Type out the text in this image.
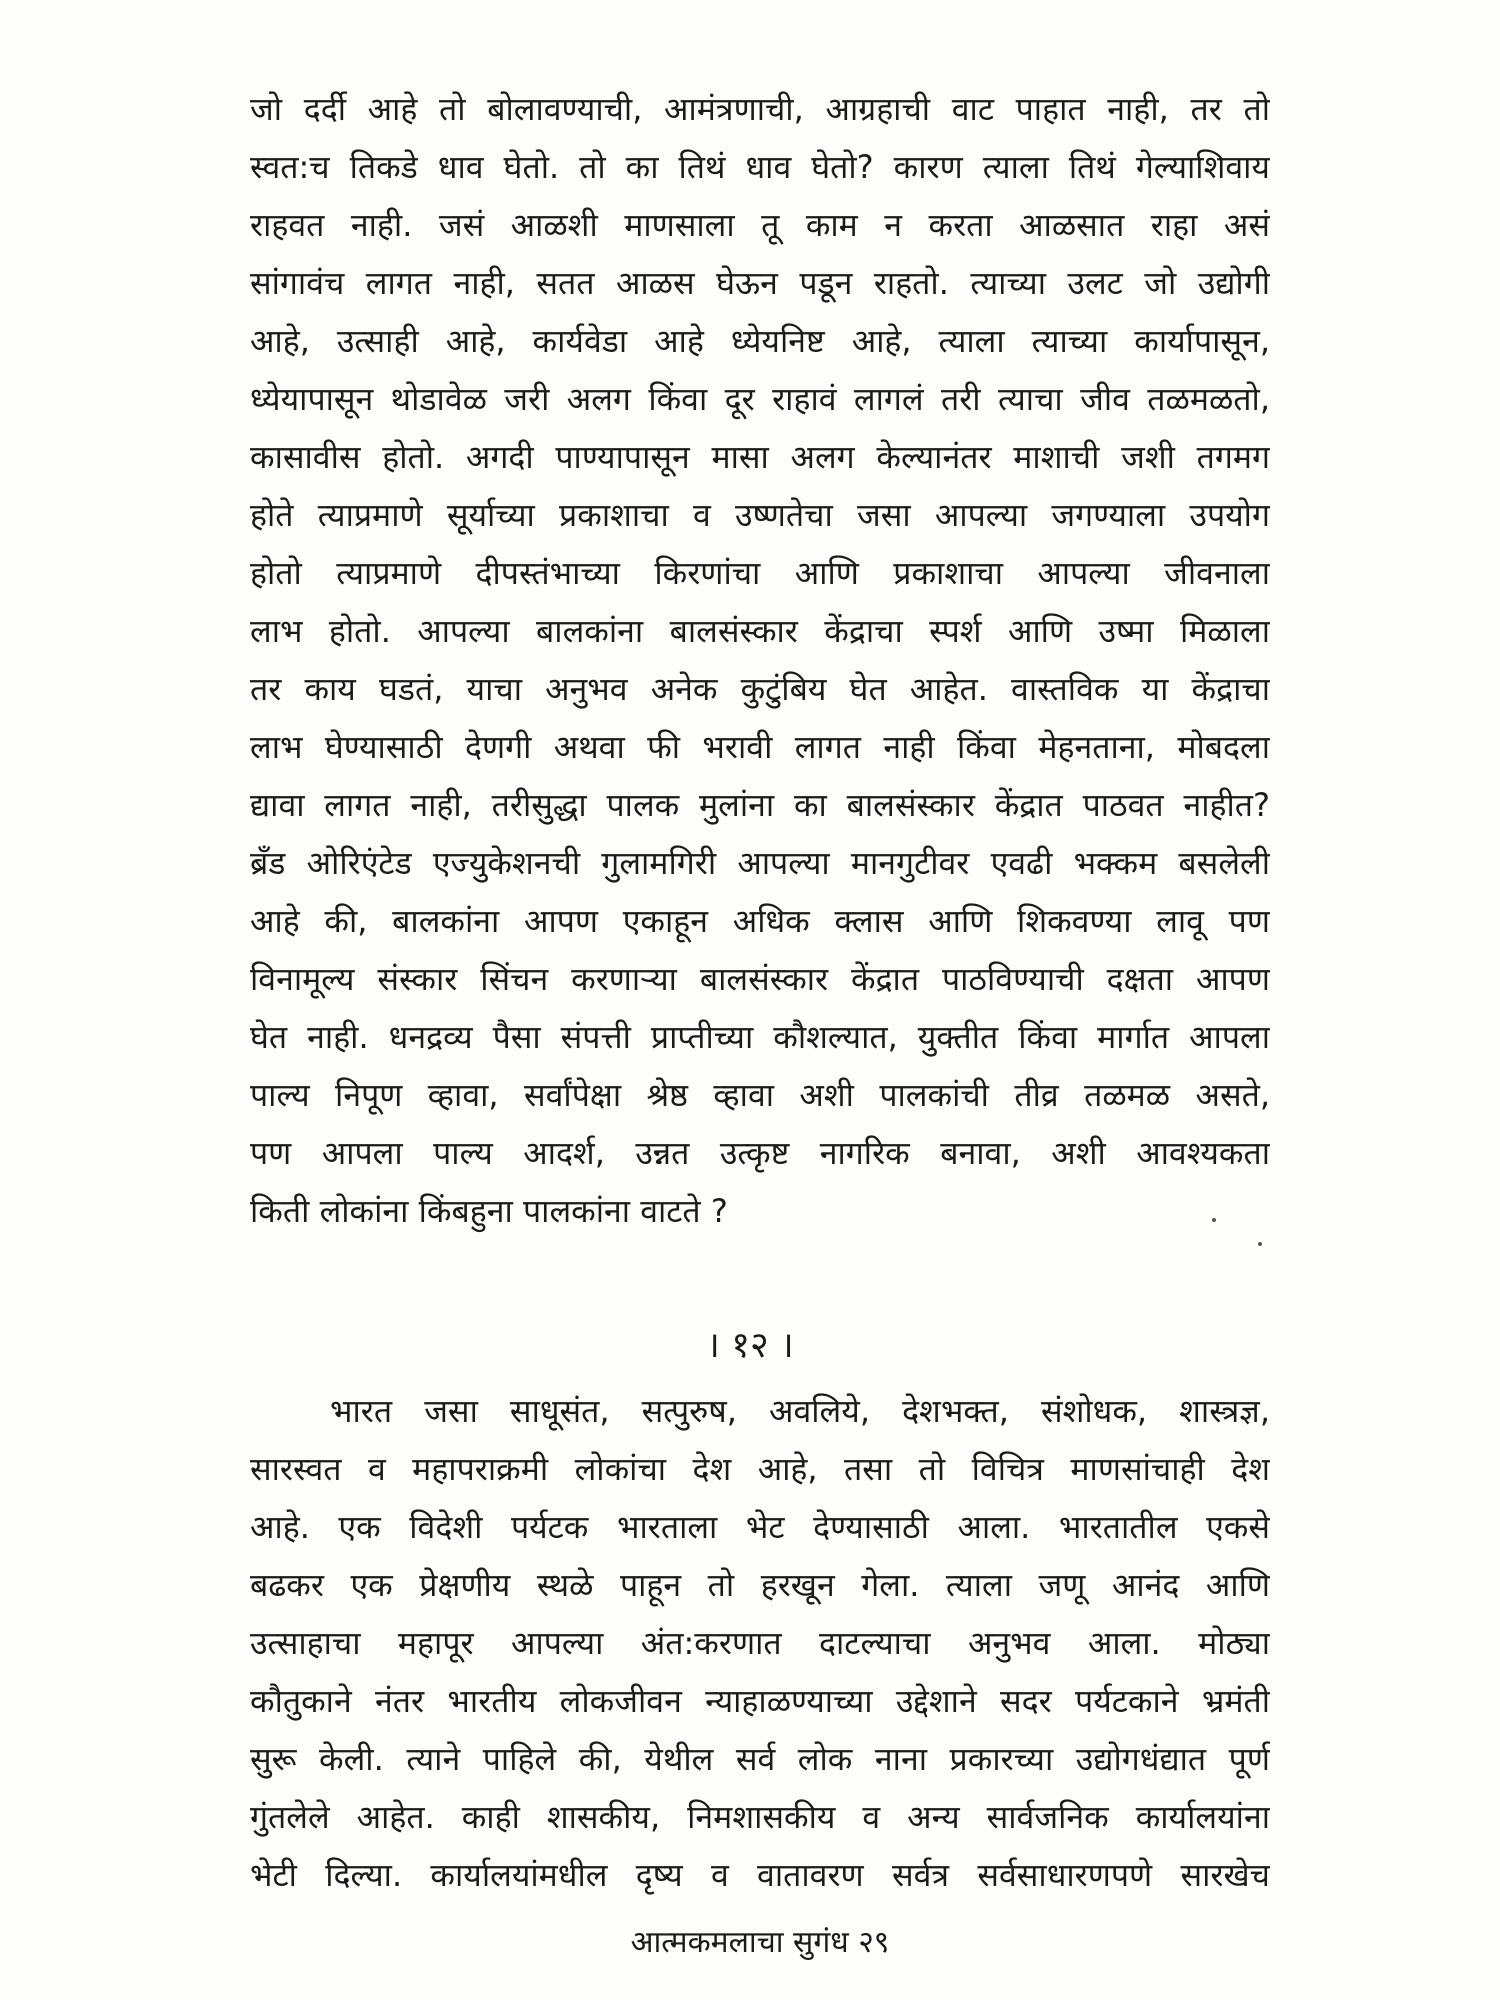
जो दर्दी आहे तो बोलावण्याची, आमंत्रणाची, आग्रहाची वाट पाहात नाही, तर तो
स्वत:च तिकडे धाव घेतो. तो का तिथं धाव घेतो? कारण त्याला तिथं गेल्याशिवाय
राहवत नाही. जसं आळशी माणसाला तू काम न करता आळसात राहा असं
सांगावंच लागत नाही, सतत आळस घेऊन पडून राहतो. त्याच्या उलट जो उद्योगी
आहे, उत्साही आहे, कार्यवेडा आहे ध्येयनिष्ट आहे, त्याला त्याच्या कार्यापासून,
ध्येयापासून थोडावेळ जरी अलग किंवा दूर राहावं लागलं तरी त्याचा जीव तळमळतो,
कासावीस होतो. अगदी पाण्यापासून मासा अलग केल्यानंतर माशाची जशी तगमग
होते त्याप्रमाणे सूर्याच्या प्रकाशाचा व उष्णतेचा जसा आपल्या जगण्याला उपयोग
होतो त्याप्रमाणे दीपस्तंभाच्या किरणांचा आणि प्रकाशाचा आपल्या जीवनाला
लाभ होतो. आपल्या बालकांना बालसंस्कार केंद्राचा स्पर्श आणि उष्मा मिळाला
तर काय घडतं, याचा अनुभव अनेक कुटुंबिय घेत आहेत. वास्तविक या केंद्राचा
लाभ घेण्यासाठी देणगी अथवा फी भरावी लागत नाही किंवा मेहनताना, मोबदला
द्यावा लागत नाही, तरीसुद्धा पालक मुलांना का बालसंस्कार केंद्रात पाठवत नाहीत?
ब्रँड ओरिएंटेड एज्युकेशनची गुलामगिरी आपल्या मानगुटीवर एवढी भक्कम बसलेली
आहे की, बालकांना आपण एकाहून अधिक क्लास आणि शिकवण्या लावू पण
विनामूल्य संस्कार सिंचन करणाऱ्या बालसंस्कार केंद्रात पाठविण्याची दक्षता आपण
घेत नाही. धनद्रव्य पैसा संपत्ती प्राप्तीच्या कौशल्यात, युक्तीत किंवा मार्गात आपला
पाल्य निपूण व्हावा, सर्वांपेक्षा श्रेष्ठ व्हावा अशी पालकांची तीव्र तळमळ असते,
पण आपला पाल्य आदर्श, उन्नत उत्कृष्ट नागरिक बनावा, अशी आवश्यकता
किती लोकांना किंबहुना पालकांना वाटते ?
। १२ ।
भारत जसा साधूसंत, सत्पुरुष, अवलिये, देशभक्त, संशोधक, शास्त्रज्ञ,
सारस्वत व महापराक्रमी लोकांचा देश आहे, तसा तो विचित्र माणसांचाही देश
आहे. एक विदेशी पर्यटक भारताला भेट देण्यासाठी आला. भारतातील एकसे
बढकर एक प्रेक्षणीय स्थळे पाहून तो हरखून गेला. त्याला जणू आनंद आणि
उत्साहाचा महापूर आपल्या अंत:करणात दाटल्याचा अनुभव आला. मोठ्या
कौतुकाने नंतर भारतीय लोकजीवन न्याहाळण्याच्या उद्देशाने सदर पर्यटकाने भ्रमंती
सुरू केली. त्याने पाहिले की, येथील सर्व लोक नाना प्रकारच्या उद्योगधंद्यात पूर्ण
गुंतलेले आहेत. काही शासकीय, निमशासकीय व अन्य सार्वजनिक कार्यालयांना
भेटी दिल्या. कार्यालयांमधील दृष्य व वातावरण सर्वत्र सर्वसाधारणपणे सारखेच
आत्मकमलाचा सुगंध २९
